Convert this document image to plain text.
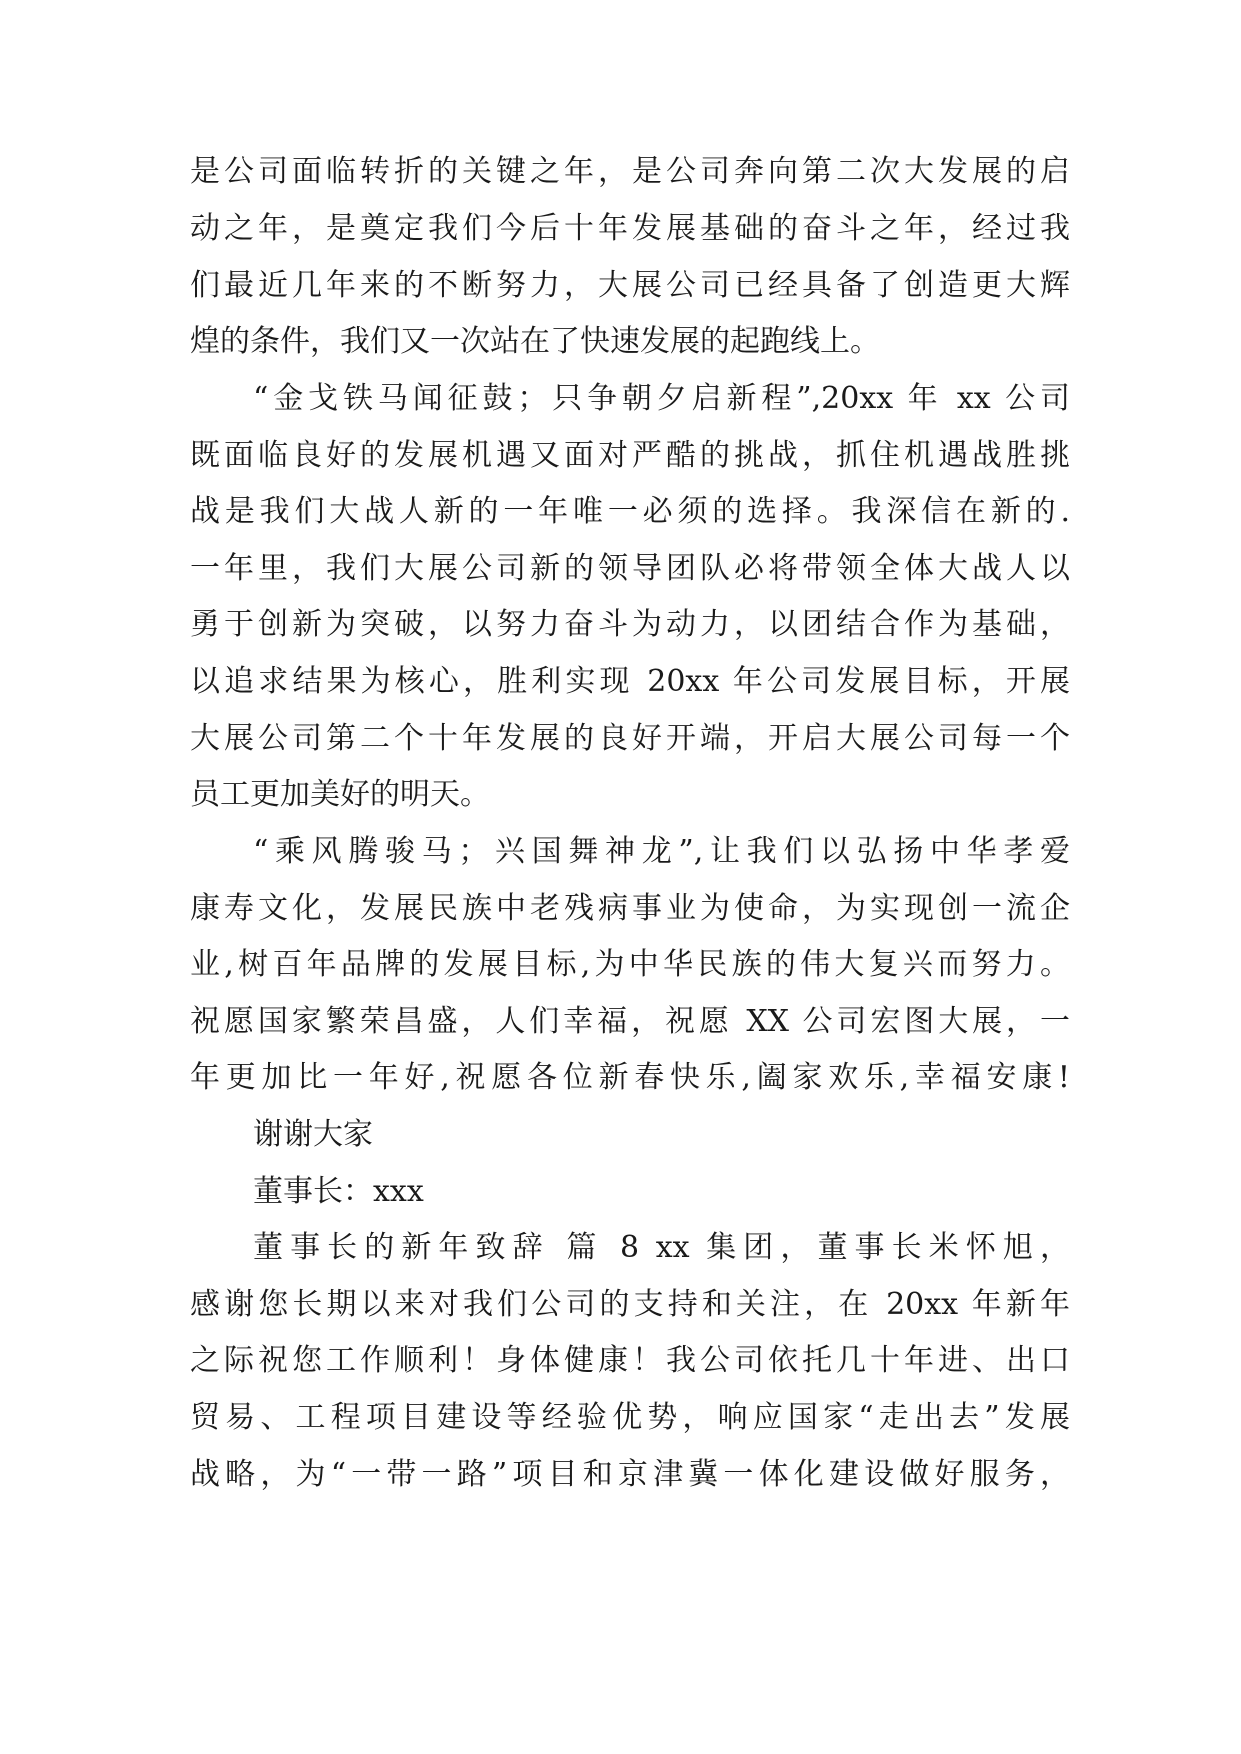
是公司面临转折的关键之年，是公司奔向第二次大发展的启
动之年，是奠定我们今后十年发展基础的奋斗之年，经过我
们最近几年来的不断努力，大展公司已经具备了创造更大辉
煌的条件，我们又一次站在了快速发展的起跑线上。
“金戈铁马闻征鼓；只争朝夕启新程”,20xx 年 xx 公司
既面临良好的发展机遇又面对严酷的挑战，抓住机遇战胜挑
战是我们大战人新的一年唯一必须的选择。我深信在新的.
一年里，我们大展公司新的领导团队必将带领全体大战人以
勇于创新为突破，以努力奋斗为动力，以团结合作为基础，
以追求结果为核心，胜利实现 20xx 年公司发展目标，开展
大展公司第二个十年发展的良好开端，开启大展公司每一个
员工更加美好的明天。
“乘风腾骏马；兴国舞神龙”,让我们以弘扬中华孝爱
康寿文化，发展民族中老残病事业为使命，为实现创一流企
业,树百年品牌的发展目标,为中华民族的伟大复兴而努力。
祝愿国家繁荣昌盛，人们幸福，祝愿 XX 公司宏图大展，一
年更加比一年好,祝愿各位新春快乐,阖家欢乐,幸福安康!
谢谢大家
董事长：xxx
董事长的新年致辞 篇 8 xx 集团，董事长米怀旭，
感谢您长期以来对我们公司的支持和关注，在 20xx 年新年
之际祝您工作顺利！身体健康！我公司依托几十年进、出口
贸易、工程项目建设等经验优势，响应国家“走出去”发展
战略，为“一带一路”项目和京津冀一体化建设做好服务，
